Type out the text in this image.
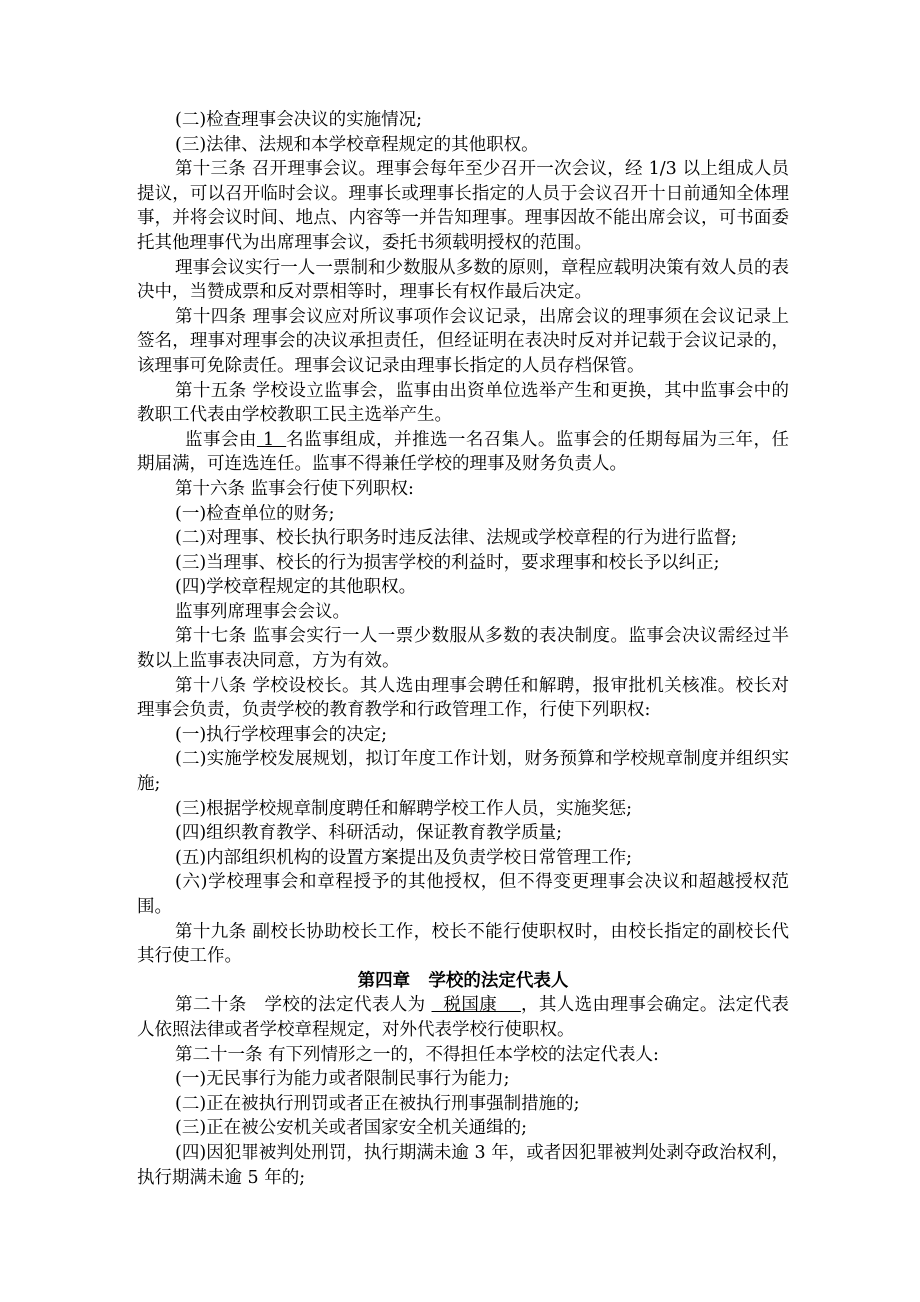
(二)检查理事会决议的实施情况;

(三)法律、法规和本学校章程规定的其他职权。

第十三条 召开理事会议。理事会每年至少召开一次会议，经 1/3 以上组成人员提议，可以召开临时会议。理事长或理事长指定的人员于会议召开十日前通知全体理事，并将会议时间、地点、内容等一并告知理事。理事因故不能出席会议，可书面委托其他理事代为出席理事会议，委托书须载明授权的范围。

理事会议实行一人一票制和少数服从多数的原则，章程应载明决策有效人员的表决中，当赞成票和反对票相等时，理事长有权作最后决定。

第十四条 理事会议应对所议事项作会议记录，出席会议的理事须在会议记录上签名，理事对理事会的决议承担责任，但经证明在表决时反对并记载于会议记录的，该理事可免除责任。理事会议记录由理事长指定的人员存档保管。

第十五条 学校设立监事会，监事由出资单位选举产生和更换，其中监事会中的教职工代表由学校教职工民主选举产生。

监事会由 1  名监事组成，并推选一名召集人。监事会的任期每届为三年，任期届满，可连选连任。监事不得兼任学校的理事及财务负责人。

第十六条 监事会行使下列职权:

(一)检查单位的财务;

(二)对理事、校长执行职务时违反法律、法规或学校章程的行为进行监督;

(三)当理事、校长的行为损害学校的利益时，要求理事和校长予以纠正;

(四)学校章程规定的其他职权。

监事列席理事会会议。

第十七条 监事会实行一人一票少数服从多数的表决制度。监事会决议需经过半数以上监事表决同意，方为有效。

第十八条 学校设校长。其人选由理事会聘任和解聘，报审批机关核准。校长对理事会负责，负责学校的教育教学和行政管理工作，行使下列职权:

(一)执行学校理事会的决定;

(二)实施学校发展规划，拟订年度工作计划，财务预算和学校规章制度并组织实施;

(三)根据学校规章制度聘任和解聘学校工作人员，实施奖惩;

(四)组织教育教学、科研活动，保证教育教学质量;

(五)内部组织机构的设置方案提出及负责学校日常管理工作;

(六)学校理事会和章程授予的其他授权，但不得变更理事会决议和超越授权范围。

第十九条 副校长协助校长工作，校长不能行使职权时，由校长指定的副校长代其行使工作。

第四章   学校的法定代表人

第二十条   学校的法定代表人为   税国康    ，其人选由理事会确定。法定代表人依照法律或者学校章程规定，对外代表学校行使职权。

第二十一条 有下列情形之一的，不得担任本学校的法定代表人:

(一)无民事行为能力或者限制民事行为能力;

(二)正在被执行刑罚或者正在被执行刑事强制措施的;

(三)正在被公安机关或者国家安全机关通缉的;

(四)因犯罪被判处刑罚，执行期满未逾 3 年，或者因犯罪被判处剥夺政治权利，执行期满未逾 5 年的;
